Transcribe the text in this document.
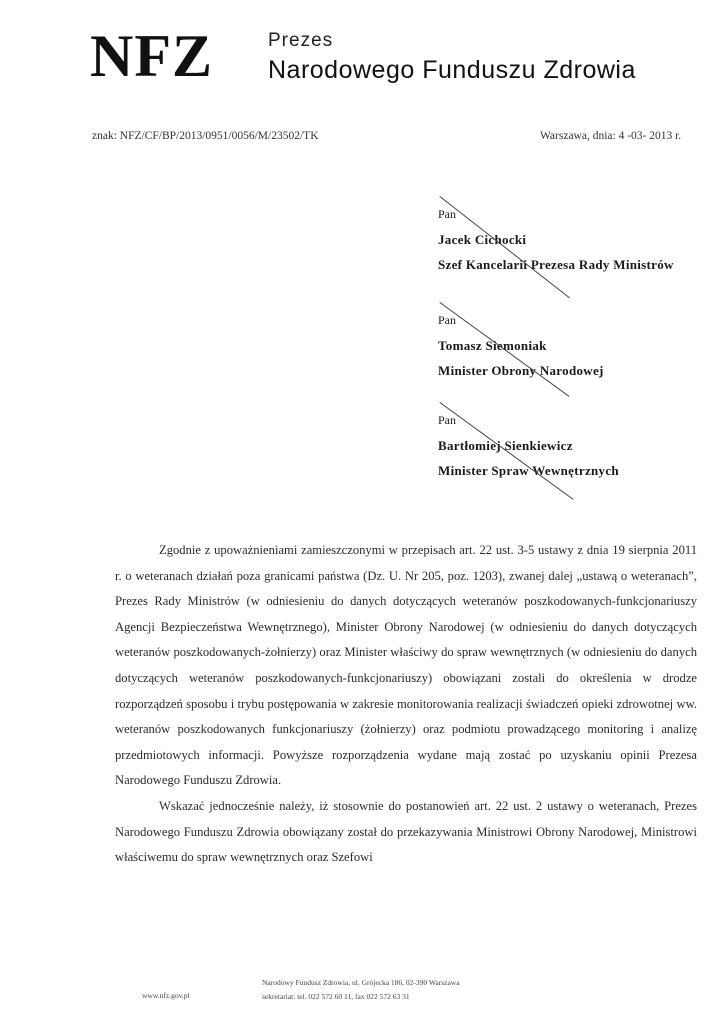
NFZ	Prezes
Narodowego Funduszu Zdrowia
znak: NFZ/CF/BP/2013/0951/0056/M/23502/TK	Warszawa, dnia: 4 -03- 2013 r.
Pan
Jacek Cichocki
Szef Kancelarii Prezesa Rady Ministrów
Pan
Tomasz Siemoniak
Minister Obrony Narodowej
Pan
Bartłomiej Sienkiewicz
Minister Spraw Wewnętrznych

Zgodnie z upoważnieniami zamieszczonymi w przepisach art. 22 ust. 3-5 ustawy z dnia 19 sierpnia 2011 r. o weteranach działań poza granicami państwa (Dz. U. Nr 205, poz. 1203), zwanej dalej „ustawą o weteranach”, Prezes Rady Ministrów (w odniesieniu do danych dotyczących weteranów poszkodowanych-funkcjonariuszy Agencji Bezpieczeństwa Wewnętrznego), Minister Obrony Narodowej (w odniesieniu do danych dotyczących weteranów poszkodowanych-żołnierzy) oraz Minister właściwy do spraw wewnętrznych (w odniesieniu do danych dotyczących weteranów poszkodowanych-funkcjonariuszy) obowiązani zostali do określenia w drodze rozporządzeń sposobu i trybu postępowania w zakresie monitorowania realizacji świadczeń opieki zdrowotnej ww. weteranów poszkodowanych funkcjonariuszy (żołnierzy) oraz podmiotu prowadzącego monitoring i analizę przedmiotowych informacji. Powyższe rozporządzenia wydane mają zostać po uzyskaniu opinii Prezesa Narodowego Funduszu Zdrowia.

Wskazać jednocześnie należy, iż stosownie do postanowień art. 22 ust. 2 ustawy o weteranach, Prezes Narodowego Funduszu Zdrowia obowiązany został do przekazywania Ministrowi Obrony Narodowej, Ministrowi właściwemu do spraw wewnętrznych oraz Szefowi

www.nfz.gov.pl
Narodowy Fundusz Zdrowia, ul. Grójecka 186, 02-390 Warszawa
sekretariat: tel. 022 572 60 11, fax 022 572 63 31
